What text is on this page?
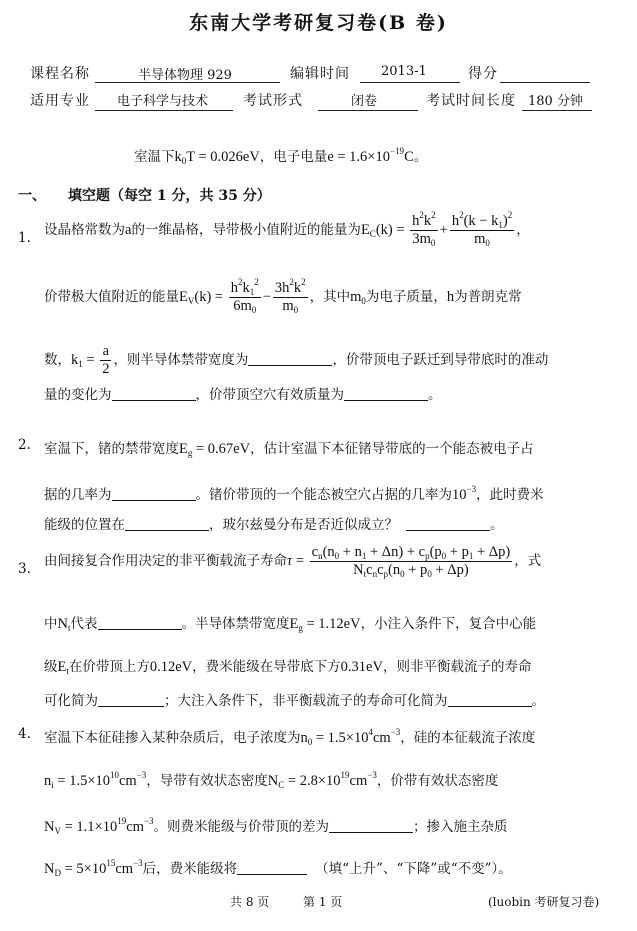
东南大学考研复习卷(B 卷)
课程名称	半导体物理 929	编辑时间 2013-1	得分
适用专业 电子科学与技术 考试形式	闭卷	考试时间长度 180 分钟
室温下$k_0T = 0.026eV$，电子电量$e = 1.6\times 10^{-19}C$。
一、 填空题（每空 1 分，共 35 分）
1. 设晶格常数为a的一维晶格，导带极小值附近的能量为$E_C(k) = \frac{h^2k^2}{3m_0} + \frac{h^2(k - k_1)^2}{m_0}$ ，
价带极大值附近的能量$E_V(k) = \frac{h^2k_1^2}{6m_0} - \frac{3h^2k^2}{m_0}$ ，其中$m_0$为电子质量，h为普朗克常
数，$k_1 = \frac{a}{2}$ ，则半导体禁带宽度为	，价带顶电子跃迁到导带底时的准动
量的变化为	，价带顶空穴有效质量为	。
2. 室温下，锗的禁带宽度$E_g = 0.67eV$，估计室温下本征锗导带底的一个能态被电子占
据的几率为	。锗价带顶的一个能态被空穴占据的几率为$10^{-3}$，此时费米
能级的位置在	，玻尔兹曼分布是否近似成立？	。
3. 由间接复合作用决定的非平衡载流子寿命$\tau = \frac{c_n(n_0 + n_1 + \Delta n) + c_p(p_0 + p_1 + \Delta p)}{N_tc_nc_p(n_0 + p_0 + \Delta p)}$ ，式
中$N_t$代表	。半导体禁带宽度$E_g = 1.12eV$，小注入条件下，复合中心能
级$E_t$在价带顶上方0.12eV，费米能级在导带底下方0.31eV，则非平衡载流子的寿命
可化简为	；大注入条件下，非平衡载流子的寿命可化简为	。
4. 室温下本征硅掺入某种杂质后，电子浓度为$n_0 = 1.5\times 10^4cm^{-3}$，硅的本征载流子浓度
$n_i = 1.5\times 10^{10}cm^{-3}$，导带有效状态密度$N_C = 2.8\times 10^{19}cm^{-3}$，价带有效状态密度
$N_V = 1.1\times 10^{19}cm^{-3}$。则费米能级与价带顶的差为	；掺入施主杂质
$N_D = 5\times 10^{15}cm^{-3}$后，费米能级将	（填“上升”、“下降”或“不变”）。
共 8 页	第 1 页	(luobin 考研复习卷)
